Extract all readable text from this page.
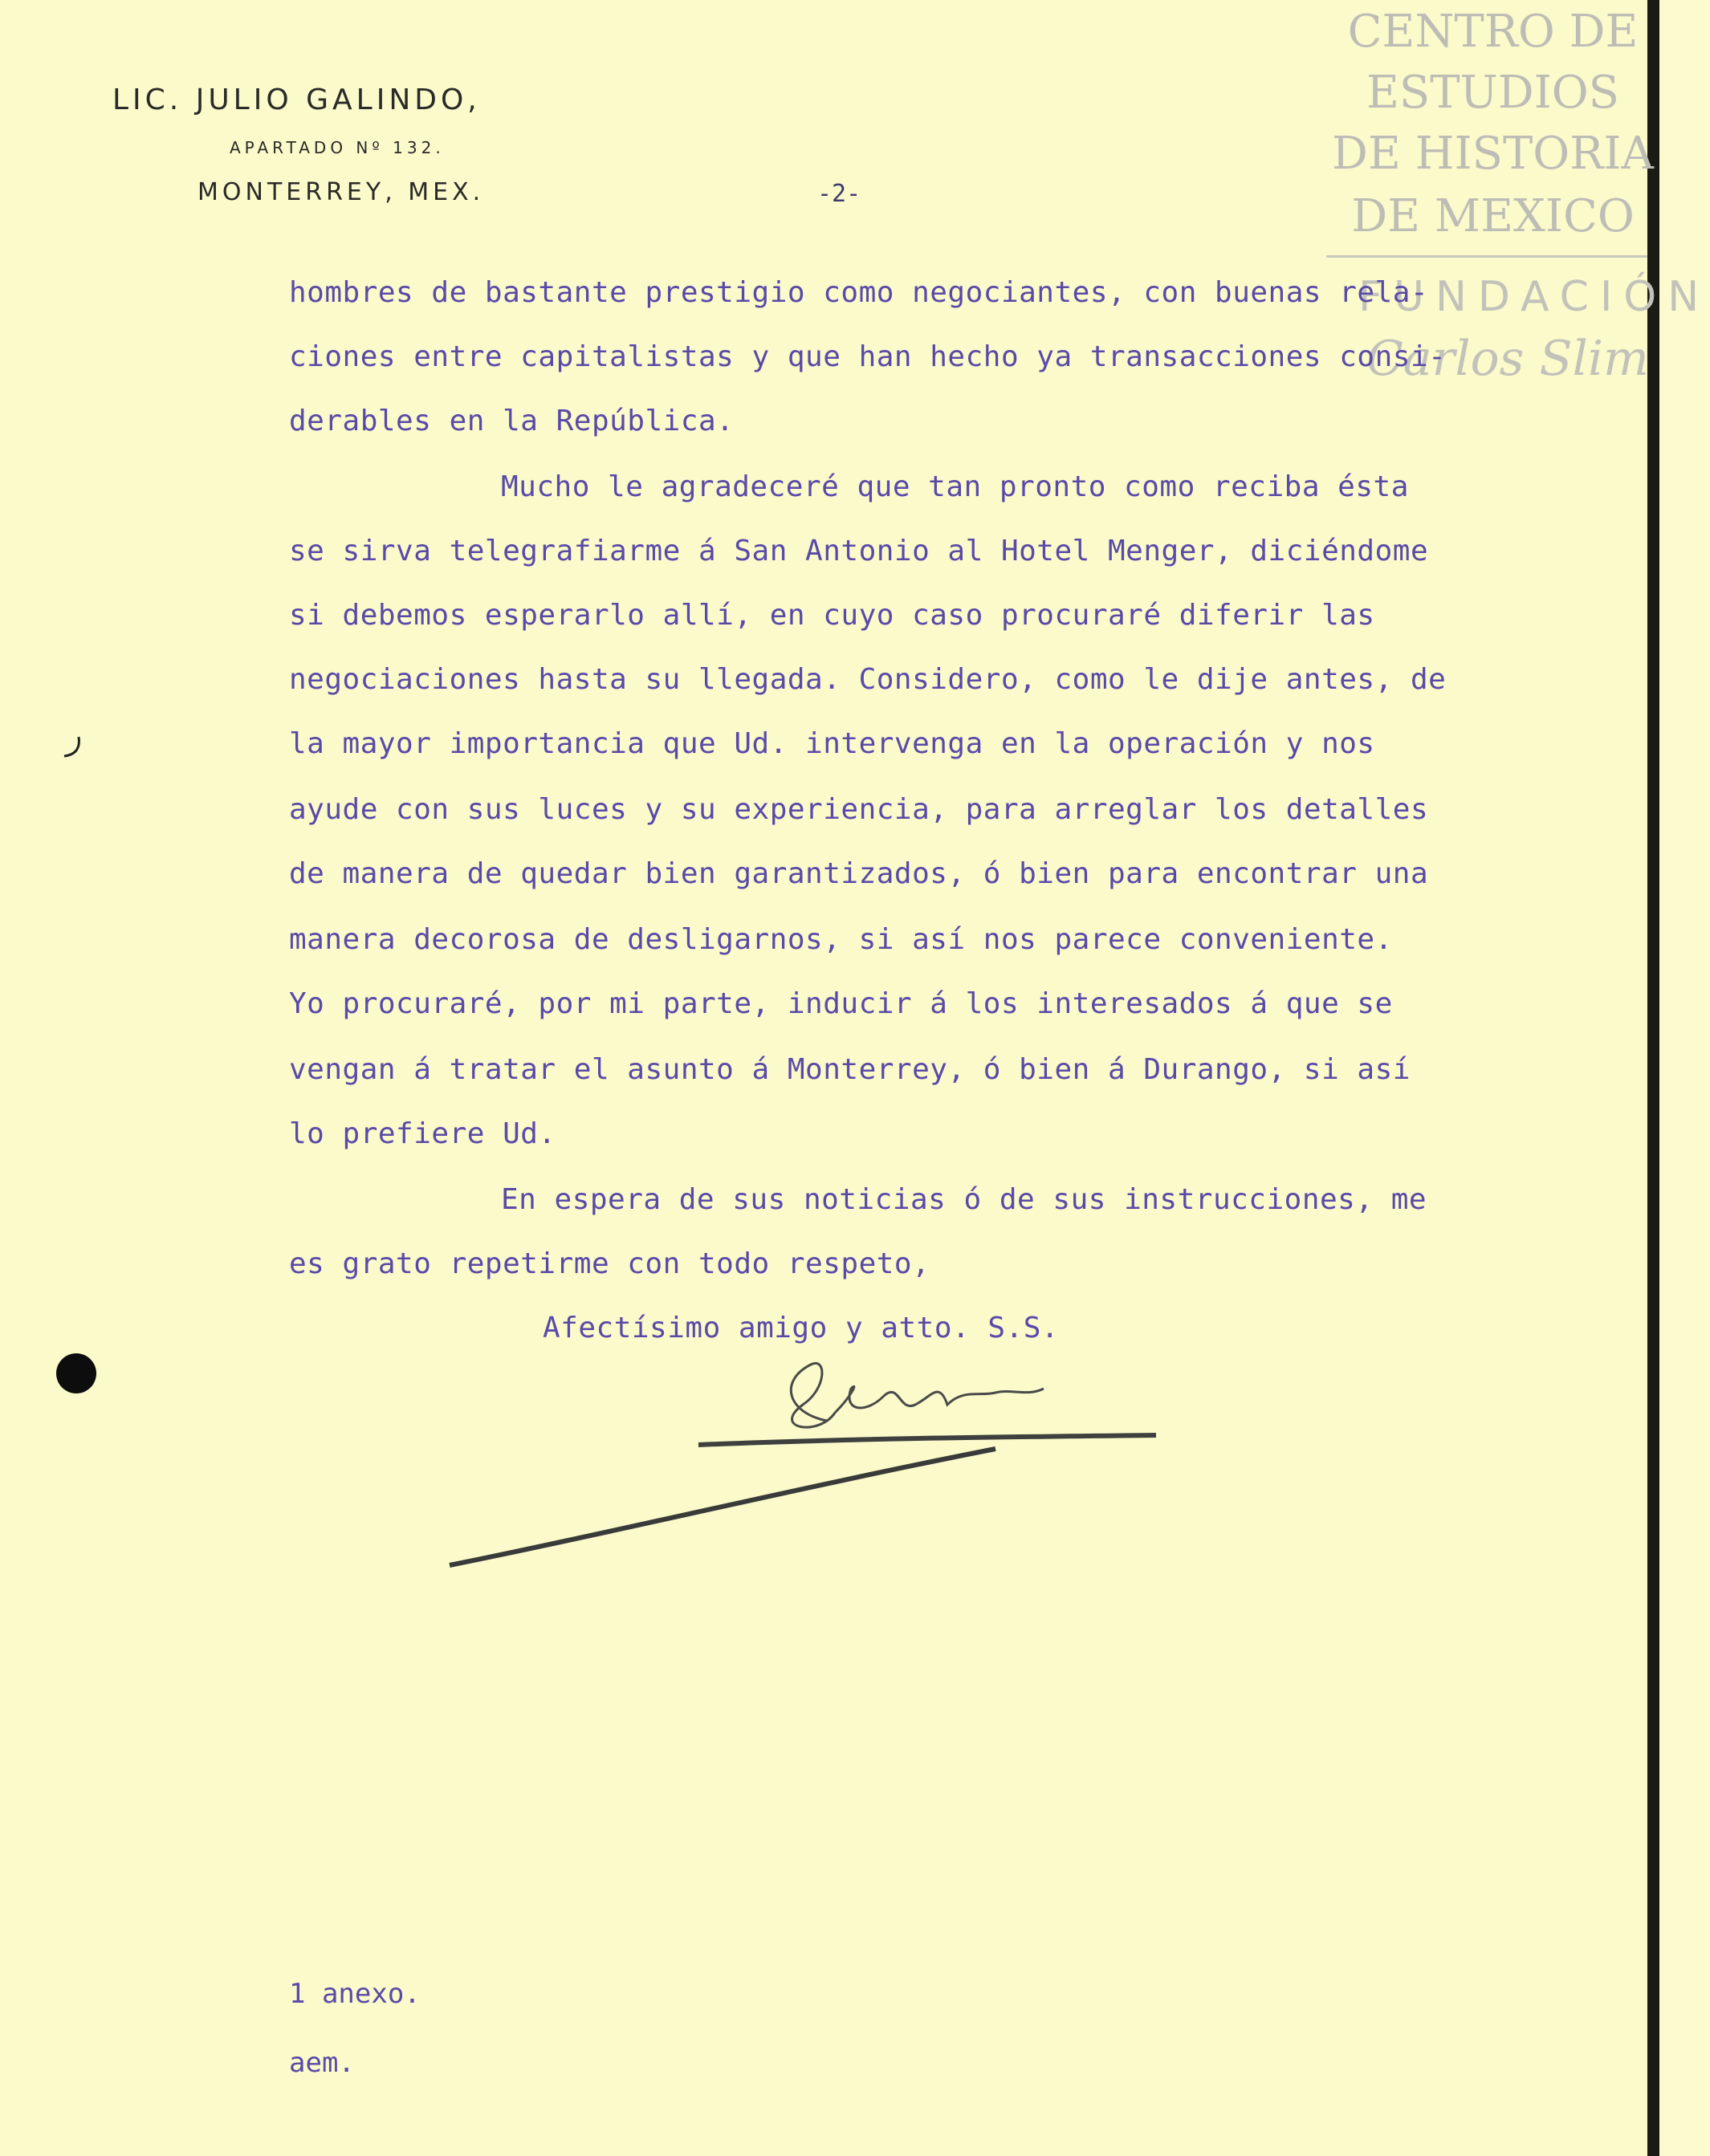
LIC. JULIO GALINDO,
APARTADO Nº 132.
MONTERREY, MEX.	-2-
CENTRO DE
ESTUDIOS
DE HISTORIA
DE MEXICO
FUNDACIÓN
Carlos Slim
hombres de bastante prestigio como negociantes, con buenas rela-
ciones entre capitalistas y que han hecho ya transacciones consi-
derables en la República.
Mucho le agradeceré que tan pronto como reciba ésta
se sirva telegrafiarme á San Antonio al Hotel Menger, diciéndome
si debemos esperarlo allí, en cuyo caso procuraré diferir las
negociaciones hasta su llegada. Considero, como le dije antes, de
la mayor importancia que Ud. intervenga en la operación y nos
ayude con sus luces y su experiencia, para arreglar los detalles
de manera de quedar bien garantizados, ó bien para encontrar una
manera decorosa de desligarnos, si así nos parece conveniente.
Yo procuraré, por mi parte, inducir á los interesados á que se
vengan á tratar el asunto á Monterrey, ó bien á Durango, si así
lo prefiere Ud.
En espera de sus noticias ó de sus instrucciones, me
es grato repetirme con todo respeto,
Afectísimo amigo y atto. S.S.
1 anexo.
aem.
